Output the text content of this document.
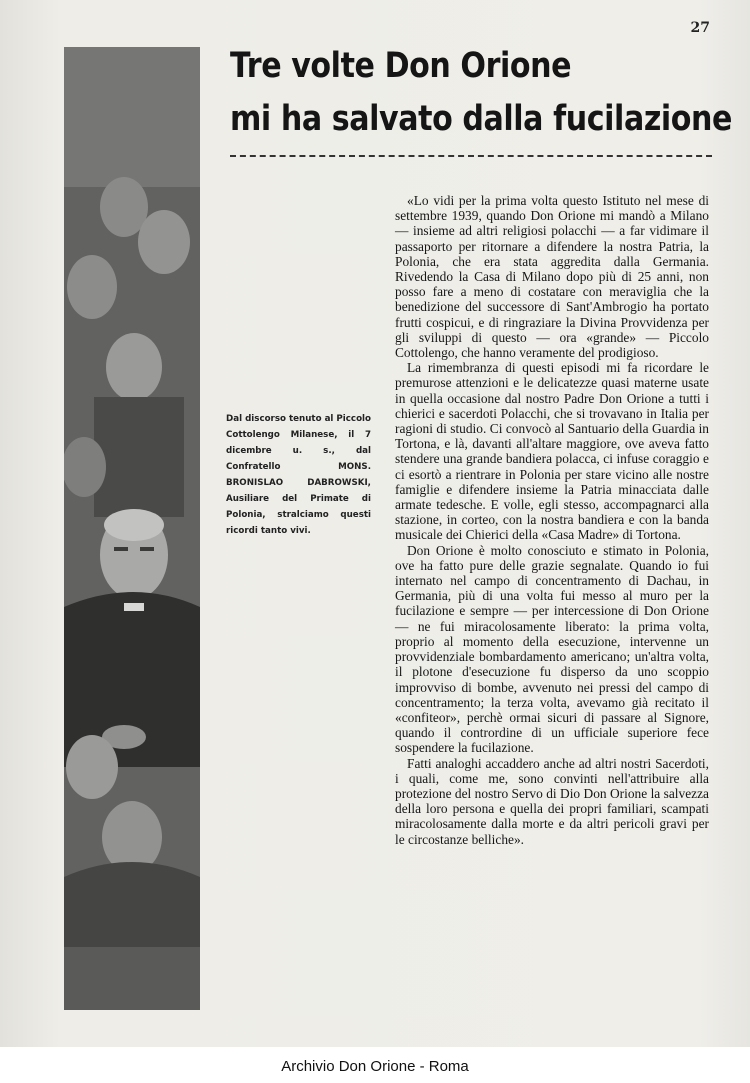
27
Tre volte Don Orione
mi ha salvato dalla fucilazione

Dal discorso tenuto al Piccolo Cottolengo Milanese, il 7 dicembre u. s., dal Confratello MONS. BRONISLAO DABROWSKI, Ausiliare del Primate di Polonia, stralciamo questi ricordi tanto vivi.

«Lo vidi per la prima volta questo Istituto nel mese di settembre 1939, quando Don Orione mi mandò a Milano — insieme ad altri religiosi polacchi — a far vidimare il passaporto per ritornare a difendere la nostra Patria, la Polonia, che era stata aggredita dalla Germania. Rivedendo la Casa di Milano dopo più di 25 anni, non posso fare a meno di costatare con meraviglia che la benedizione del successore di Sant'Ambrogio ha portato frutti cospicui, e di ringraziare la Divina Provvidenza per gli sviluppi di questo — ora «grande» — Piccolo Cottolengo, che hanno veramente del prodigioso.

La rimembranza di questi episodi mi fa ricordare le premurose attenzioni e le delicatezze quasi materne usate in quella occasione dal nostro Padre Don Orione a tutti i chierici e sacerdoti Polacchi, che si trovavano in Italia per ragioni di studio. Ci convocò al Santuario della Guardia in Tortona, e là, davanti all'altare maggiore, ove aveva fatto stendere una grande bandiera polacca, ci infuse coraggio e ci esortò a rientrare in Polonia per stare vicino alle nostre famiglie e difendere insieme la Patria minacciata dalle armate tedesche. E volle, egli stesso, accompagnarci alla stazione, in corteo, con la nostra bandiera e con la banda musicale dei Chierici della «Casa Madre» di Tortona.

Don Orione è molto conosciuto e stimato in Polonia, ove ha fatto pure delle grazie segnalate. Quando io fui internato nel campo di concentramento di Dachau, in Germania, più di una volta fui messo al muro per la fucilazione e sempre — per intercessione di Don Orione — ne fui miracolosamente liberato: la prima volta, proprio al momento della esecuzione, intervenne un provvidenziale bombardamento americano; un'altra volta, il plotone d'esecuzione fu disperso da uno scoppio improvviso di bombe, avvenuto nei pressi del campo di concentramento; la terza volta, avevamo già recitato il «confiteor», perchè ormai sicuri di passare al Signore, quando il contrordine di un ufficiale superiore fece sospendere la fucilazione.

Fatti analoghi accaddero anche ad altri nostri Sacerdoti, i quali, come me, sono convinti nell'attribuire alla protezione del nostro Servo di Dio Don Orione la salvezza della loro persona e quella dei propri familiari, scampati miracolosamente dalla morte e da altri pericoli gravi per le circostanze belliche».

Archivio Don Orione - Roma
